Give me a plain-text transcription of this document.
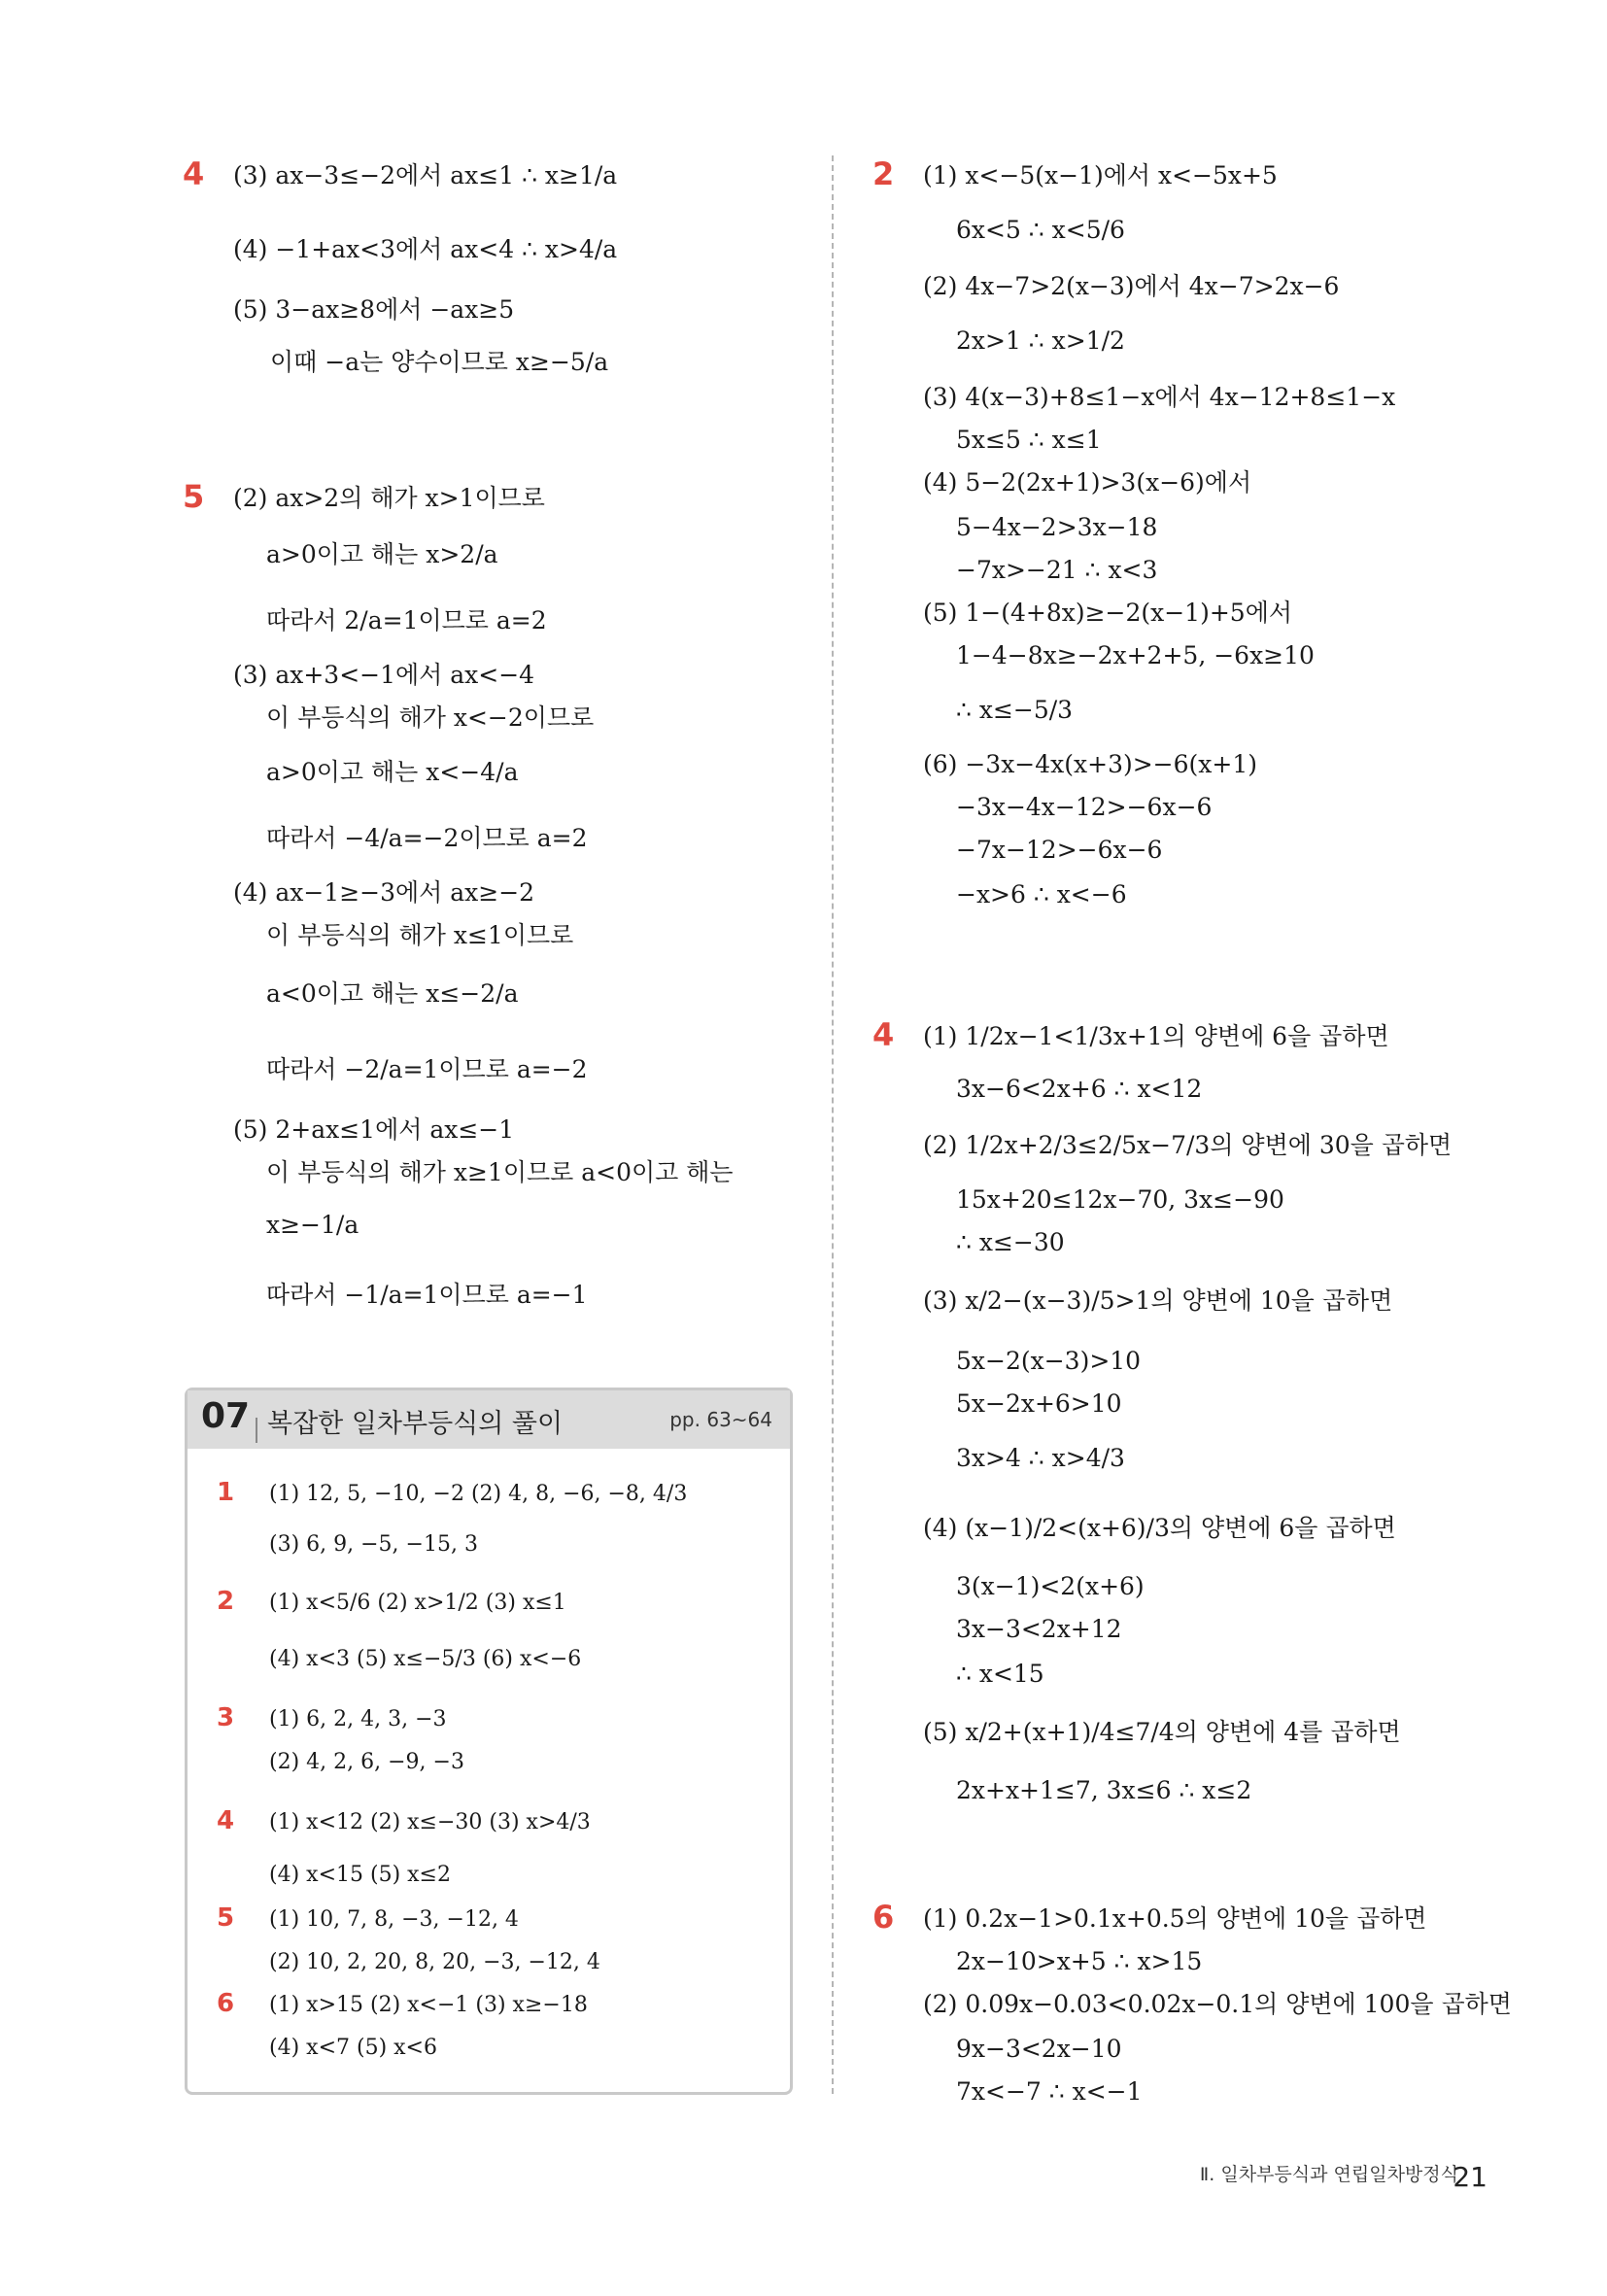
4 (3) ax−3≤−2에서 ax≤1 ∴ x≥1/a
(4) −1+ax<3에서 ax<4 ∴ x>4/a
(5) 3−ax≥8에서 −ax≥5
이때 −a는 양수이므로 x≥−5/a
5 (2) ax>2의 해가 x>1이므로
a>0이고 해는 x>2/a
따라서 2/a=1이므로 a=2
(3) ax+3<−1에서 ax<−4
이 부등식의 해가 x<−2이므로
a>0이고 해는 x<−4/a
따라서 −4/a=−2이므로 a=2
(4) ax−1≥−3에서 ax≥−2
이 부등식의 해가 x≤1이므로
a<0이고 해는 x≤−2/a
따라서 −2/a=1이므로 a=−2
(5) 2+ax≤1에서 ax≤−1
이 부등식의 해가 x≥1이므로 a<0이고 해는
x≥−1/a
따라서 −1/a=1이므로 a=−1
07 복잡한 일차부등식의 풀이	pp. 63~64
1 (1) 12, 5, −10, −2 (2) 4, 8, −6, −8, 4/3
(3) 6, 9, −5, −15, 3
2 (1) x<5/6 (2) x>1/2 (3) x≤1
(4) x<3 (5) x≤−5/3 (6) x<−6
3 (1) 6, 2, 4, 3, −3
(2) 4, 2, 6, −9, −3
4 (1) x<12 (2) x≤−30 (3) x>4/3
(4) x<15 (5) x≤2
5 (1) 10, 7, 8, −3, −12, 4
(2) 10, 2, 20, 8, 20, −3, −12, 4
6 (1) x>15 (2) x<−1 (3) x≥−18
(4) x<7 (5) x<6
2 (1) x<−5(x−1)에서 x<−5x+5
6x<5 ∴ x<5/6
(2) 4x−7>2(x−3)에서 4x−7>2x−6
2x>1 ∴ x>1/2
(3) 4(x−3)+8≤1−x에서 4x−12+8≤1−x
5x≤5 ∴ x≤1
(4) 5−2(2x+1)>3(x−6)에서
5−4x−2>3x−18
−7x>−21 ∴ x<3
(5) 1−(4+8x)≥−2(x−1)+5에서
1−4−8x≥−2x+2+5, −6x≥10
∴ x≤−5/3
(6) −3x−4x(x+3)>−6(x+1)
−3x−4x−12>−6x−6
−7x−12>−6x−6
−x>6 ∴ x<−6
4 (1) 1/2x−1<1/3x+1의 양변에 6을 곱하면
3x−6<2x+6 ∴ x<12
(2) 1/2x+2/3≤2/5x−7/3의 양변에 30을 곱하면
15x+20≤12x−70, 3x≤−90
∴ x≤−30
(3) x/2−(x−3)/5>1의 양변에 10을 곱하면
5x−2(x−3)>10
5x−2x+6>10
3x>4 ∴ x>4/3
(4) (x−1)/2<(x+6)/3의 양변에 6을 곱하면
3(x−1)<2(x+6)
3x−3<2x+12
∴ x<15
(5) x/2+(x+1)/4≤7/4의 양변에 4를 곱하면
2x+x+1≤7, 3x≤6 ∴ x≤2
6 (1) 0.2x−1>0.1x+0.5의 양변에 10을 곱하면
2x−10>x+5 ∴ x>15
(2) 0.09x−0.03<0.02x−0.1의 양변에 100을 곱하면
9x−3<2x−10
7x<−7 ∴ x<−1
Ⅱ. 일차부등식과 연립일차방정식
21
